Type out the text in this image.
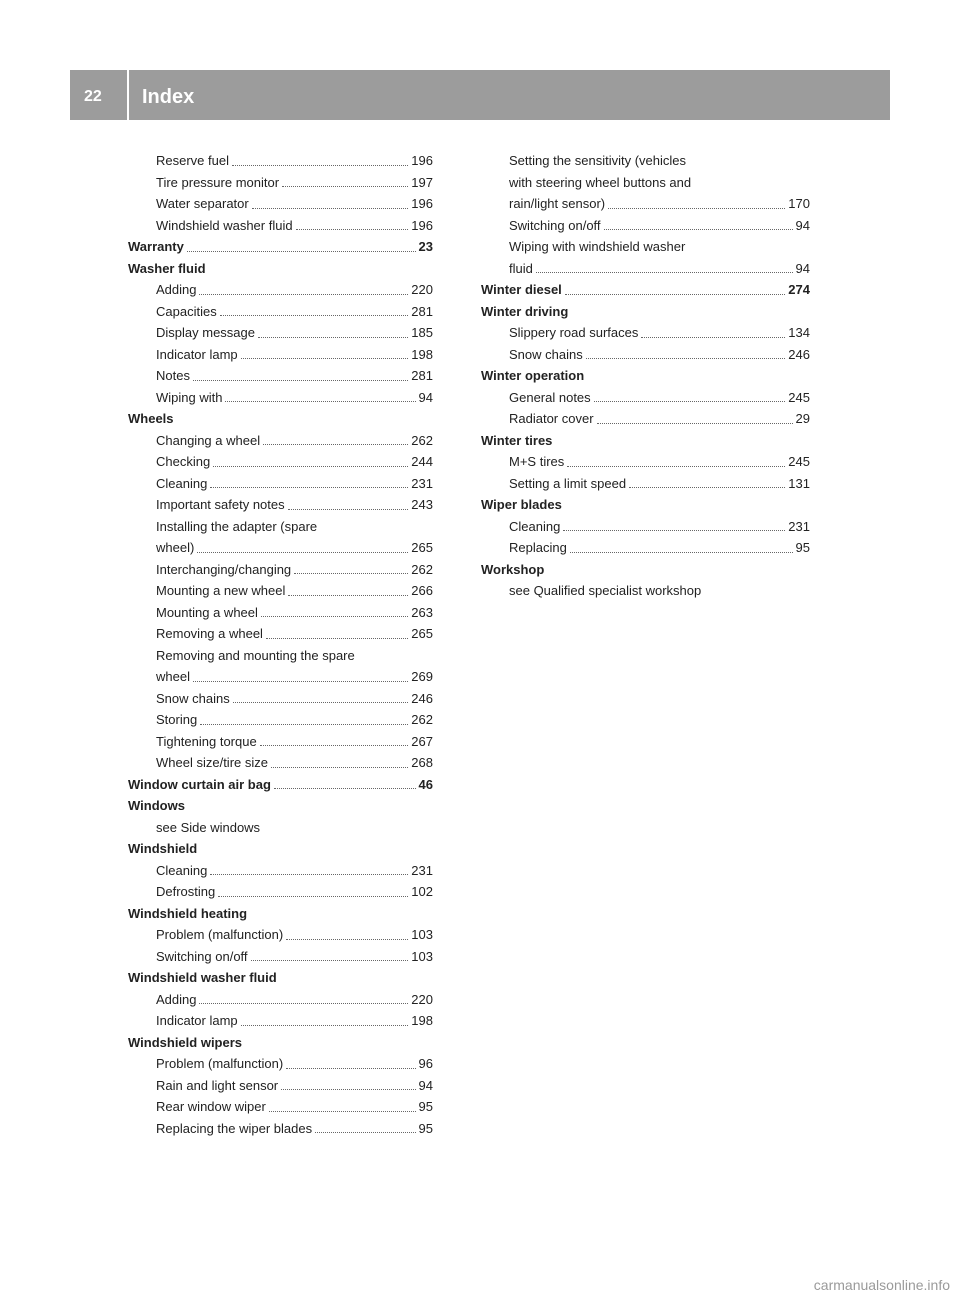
22 Index
Reserve fuel	196
Tire pressure monitor	197
Water separator	196
Windshield washer fluid	196
Warranty	23
Washer fluid
Adding	220
Capacities	281
Display message	185
Indicator lamp	198
Notes	281
Wiping with	94
Wheels
Changing a wheel	262
Checking	244
Cleaning	231
Important safety notes	243
Installing the adapter (spare
wheel)	265
Interchanging/changing	262
Mounting a new wheel	266
Mounting a wheel	263
Removing a wheel	265
Removing and mounting the spare
wheel	269
Snow chains	246
Storing	262
Tightening torque	267
Wheel size/tire size	268
Window curtain air bag	46
Windows
see Side windows
Windshield
Cleaning	231
Defrosting	102
Windshield heating
Problem (malfunction)	103
Switching on/off	103
Windshield washer fluid
Adding	220
Indicator lamp	198
Windshield wipers
Problem (malfunction)	96
Rain and light sensor	94
Rear window wiper	95
Replacing the wiper blades	95
Setting the sensitivity (vehicles
with steering wheel buttons and
rain/light sensor)	170
Switching on/off	94
Wiping with windshield washer
fluid	94
Winter diesel	274
Winter driving
Slippery road surfaces	134
Snow chains	246
Winter operation
General notes	245
Radiator cover	29
Winter tires
M+S tires	245
Setting a limit speed	131
Wiper blades
Cleaning	231
Replacing	95
Workshop
see Qualified specialist workshop
carmanualsonline.info
